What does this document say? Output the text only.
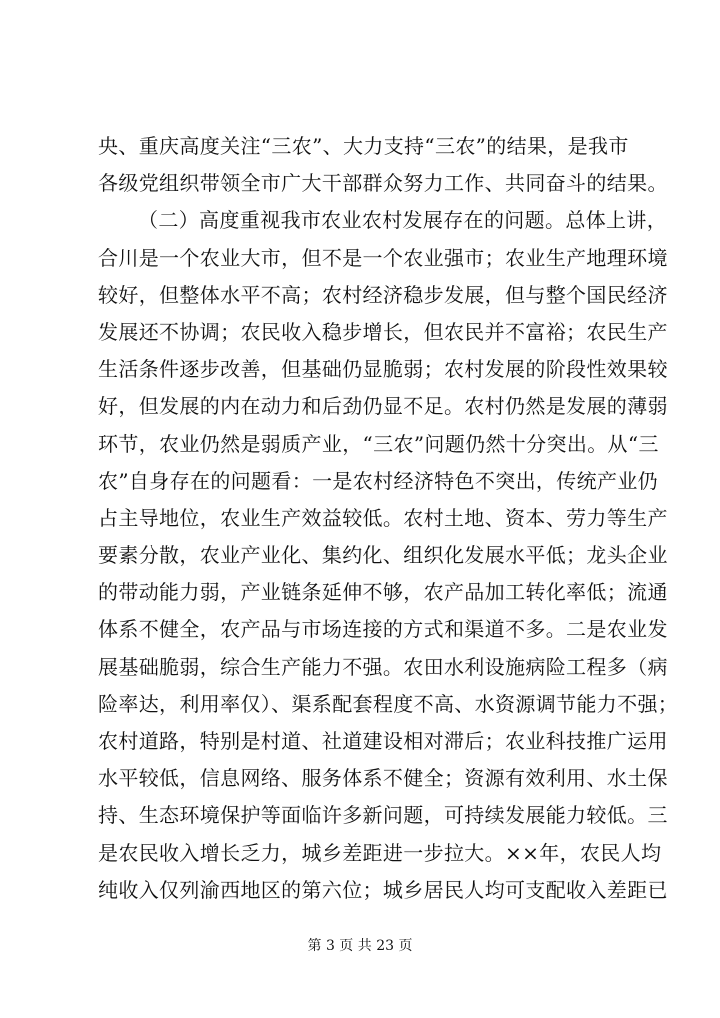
央、重庆高度关注“三农”、大力支持“三农”的结果，是我市
各级党组织带领全市广大干部群众努力工作、共同奋斗的结果。
（二）高度重视我市农业农村发展存在的问题。总体上讲，
合川是一个农业大市，但不是一个农业强市；农业生产地理环境
较好，但整体水平不高；农村经济稳步发展，但与整个国民经济
发展还不协调；农民收入稳步增长，但农民并不富裕；农民生产
生活条件逐步改善，但基础仍显脆弱；农村发展的阶段性效果较
好，但发展的内在动力和后劲仍显不足。农村仍然是发展的薄弱
环节，农业仍然是弱质产业，“三农”问题仍然十分突出。从“三
农”自身存在的问题看：一是农村经济特色不突出，传统产业仍
占主导地位，农业生产效益较低。农村土地、资本、劳力等生产
要素分散，农业产业化、集约化、组织化发展水平低；龙头企业
的带动能力弱，产业链条延伸不够，农产品加工转化率低；流通
体系不健全，农产品与市场连接的方式和渠道不多。二是农业发
展基础脆弱，综合生产能力不强。农田水利设施病险工程多（病
险率达，利用率仅）、渠系配套程度不高、水资源调节能力不强；
农村道路，特别是村道、社道建设相对滞后；农业科技推广运用
水平较低，信息网络、服务体系不健全；资源有效利用、水土保
持、生态环境保护等面临许多新问题，可持续发展能力较低。三
是农民收入增长乏力，城乡差距进一步拉大。××年，农民人均
纯收入仅列渝西地区的第六位；城乡居民人均可支配收入差距已
第 3 页 共 23 页
